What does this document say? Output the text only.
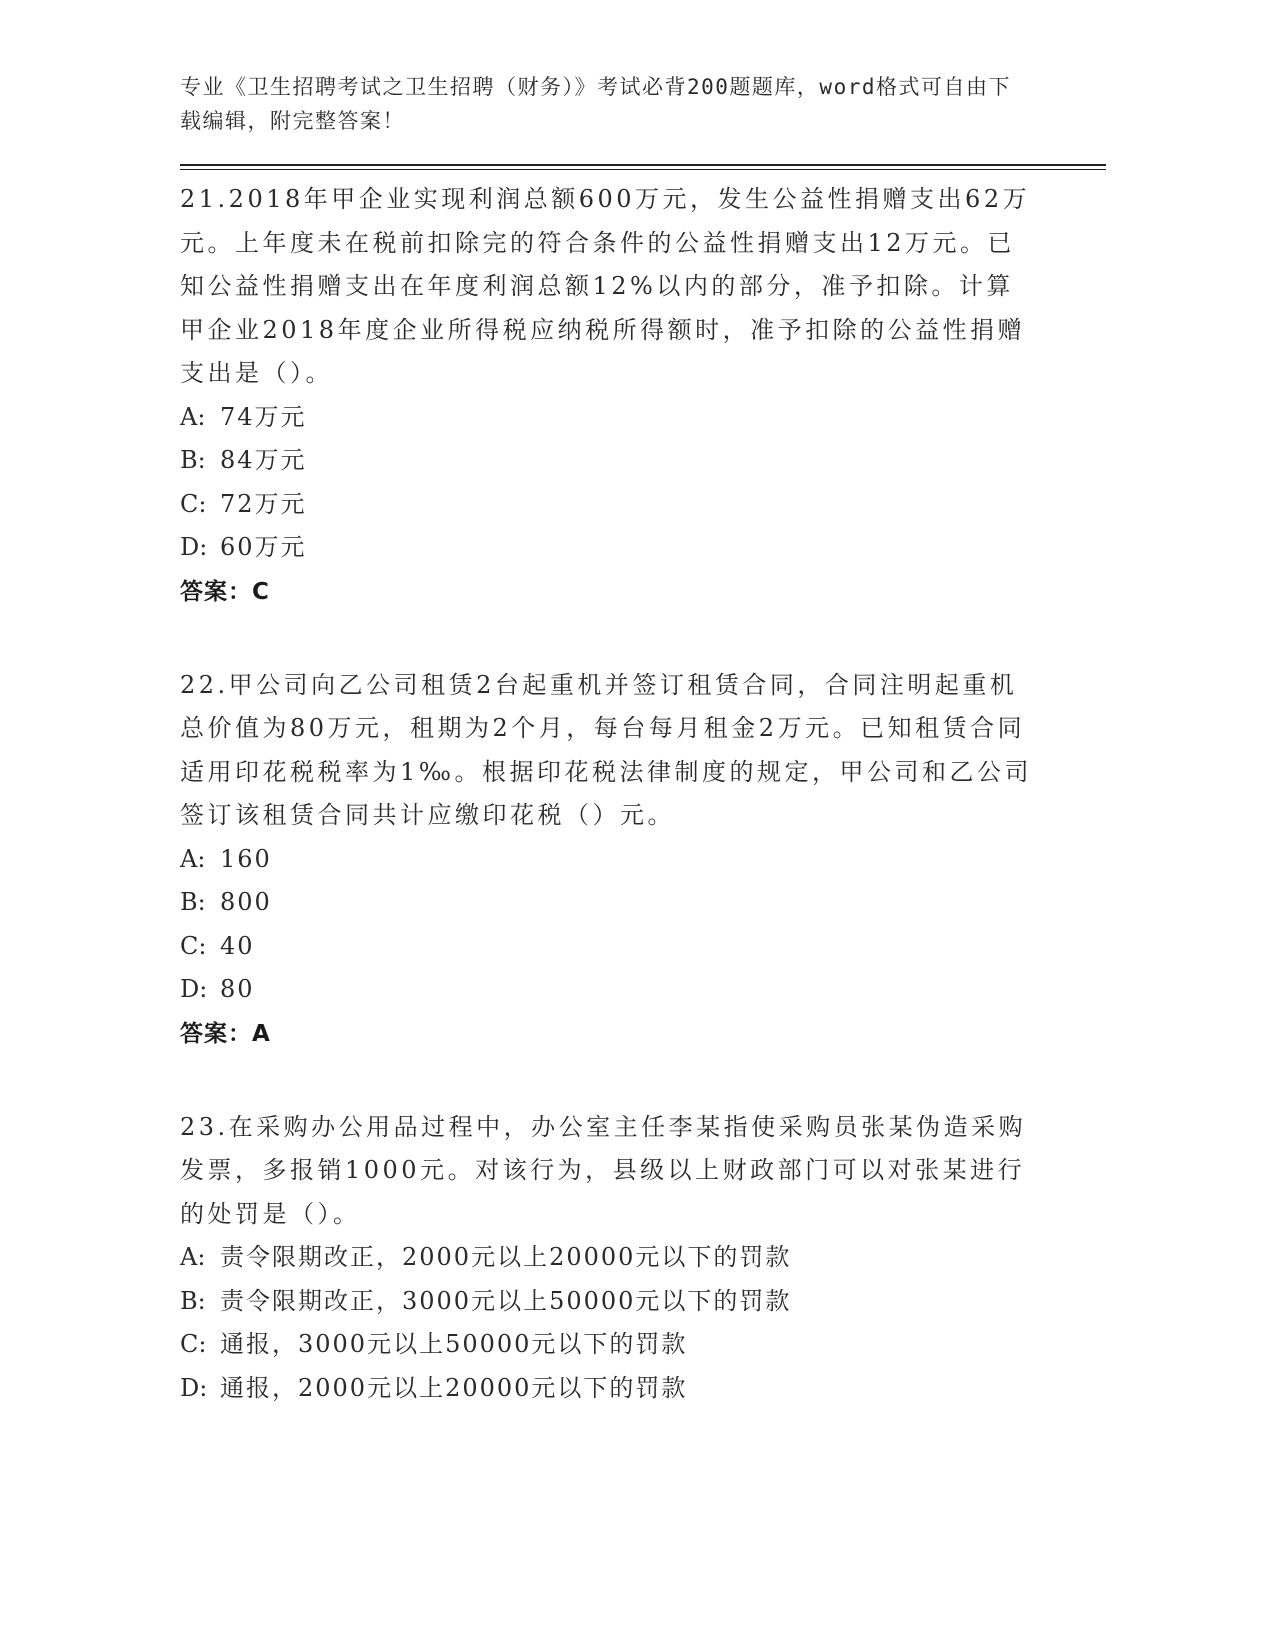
专业《卫生招聘考试之卫生招聘（财务）》考试必背200题题库，word格式可自由下载编辑，附完整答案！
21.2018年甲企业实现利润总额600万元，发生公益性捐赠支出62万元。上年度未在税前扣除完的符合条件的公益性捐赠支出12万元。已知公益性捐赠支出在年度利润总额12%以内的部分，准予扣除。计算甲企业2018年度企业所得税应纳税所得额时，准予扣除的公益性捐赠支出是（）。
A: 74万元
B: 84万元
C: 72万元
D: 60万元
答案：C
22.甲公司向乙公司租赁2台起重机并签订租赁合同，合同注明起重机总价值为80万元，租期为2个月，每台每月租金2万元。已知租赁合同适用印花税税率为1‰。根据印花税法律制度的规定，甲公司和乙公司签订该租赁合同共计应缴印花税（）元。
A: 160
B: 800
C: 40
D: 80
答案：A
23.在采购办公用品过程中，办公室主任李某指使采购员张某伪造采购发票，多报销1000元。对该行为，县级以上财政部门可以对张某进行的处罚是（）。
A: 责令限期改正，2000元以上20000元以下的罚款
B: 责令限期改正，3000元以上50000元以下的罚款
C: 通报，3000元以上50000元以下的罚款
D: 通报，2000元以上20000元以下的罚款
